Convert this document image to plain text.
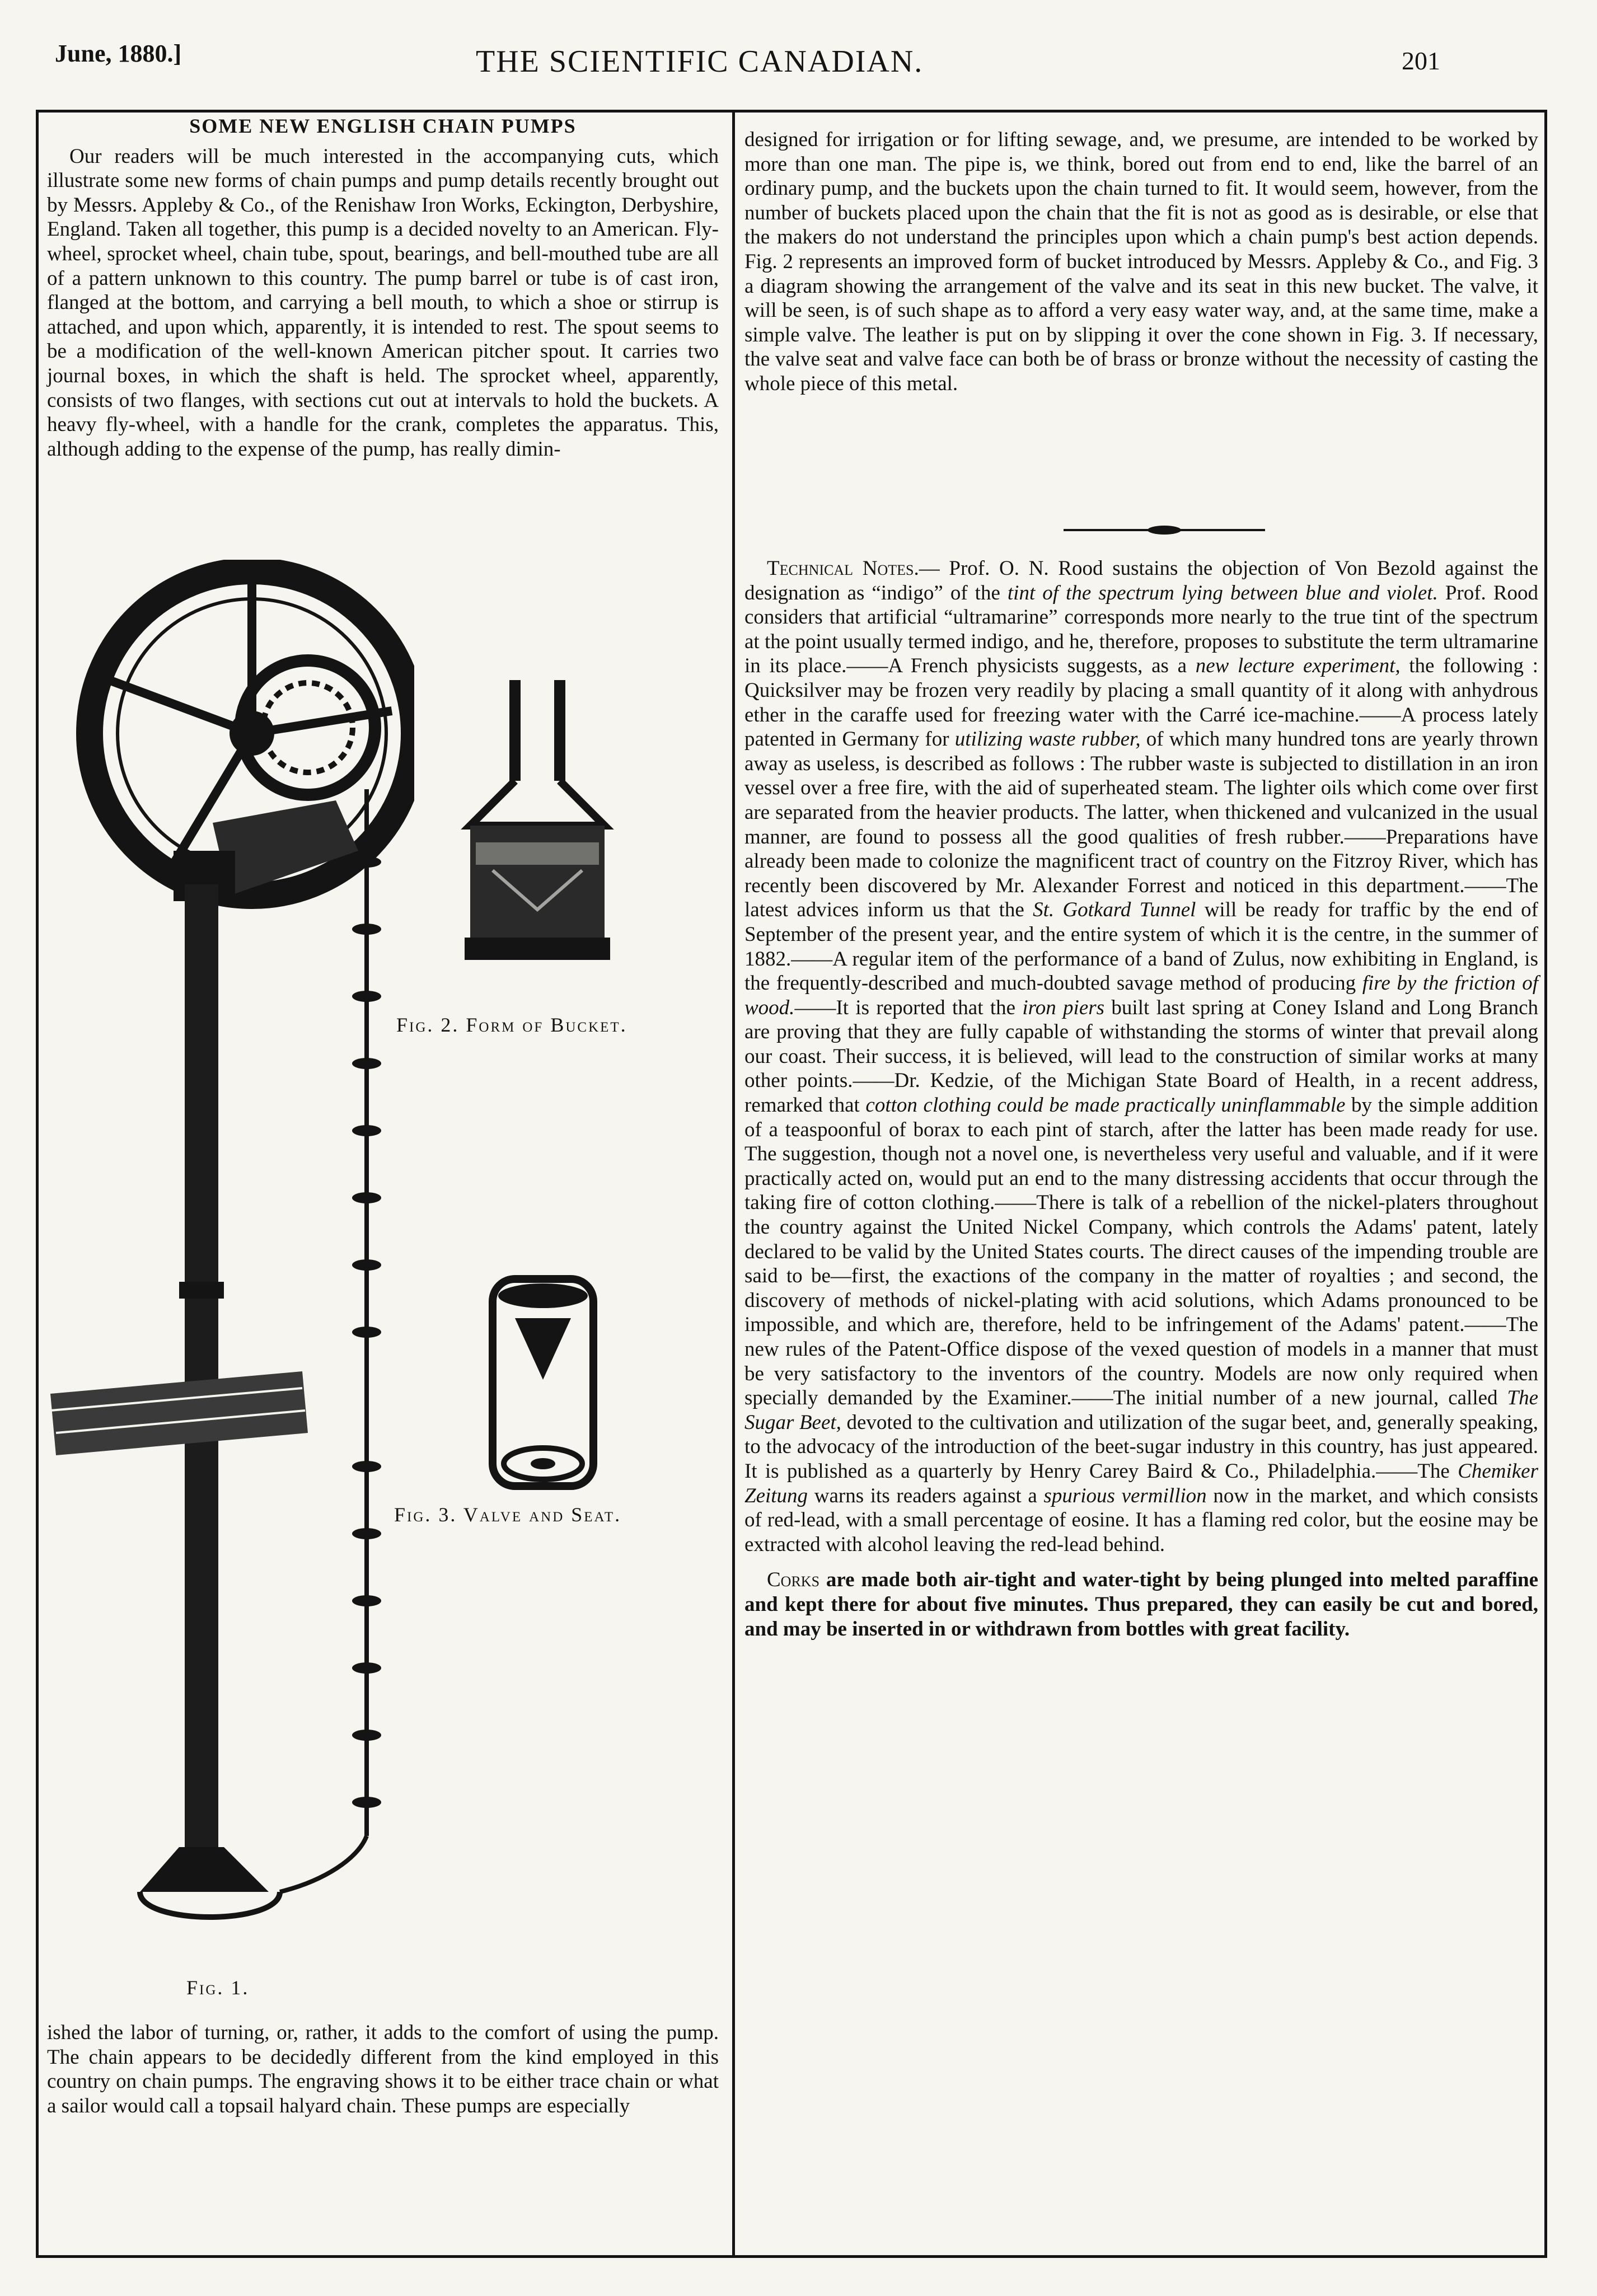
June, 1880.]	THE SCIENTIFIC CANADIAN.	201
SOME NEW ENGLISH CHAIN PUMPS

Our readers will be much interested in the accompanying cuts, which illustrate some new forms of chain pumps and pump details recently brought out by Messrs. Appleby & Co., of the Renishaw Iron Works, Eckington, Derbyshire, England. Taken all together, this pump is a decided novelty to an American. Fly-wheel, sprocket wheel, chain tube, spout, bearings, and bell-mouthed tube are all of a pattern unknown to this country. The pump barrel or tube is of cast iron, flanged at the bottom, and carrying a bell mouth, to which a shoe or stirrup is attached, and upon which, apparently, it is intended to rest. The spout seems to be a modification of the well-known American pitcher spout. It carries two journal boxes, in which the shaft is held. The sprocket wheel, apparently, consists of two flanges, with sections cut out at intervals to hold the buckets. A heavy fly-wheel, with a handle for the crank, completes the apparatus. This, although adding to the expense of the pump, has really dimin-

Fig. 2. Form of Bucket.
Fig. 3. Valve and Seat.
Fig. 1.

ished the labor of turning, or, rather, it adds to the comfort of using the pump. The chain appears to be decidedly different from the kind employed in this country on chain pumps. The engraving shows it to be either trace chain or what a sailor would call a topsail halyard chain. These pumps are especially

designed for irrigation or for lifting sewage, and, we presume, are intended to be worked by more than one man. The pipe is, we think, bored out from end to end, like the barrel of an ordinary pump, and the buckets upon the chain turned to fit. It would seem, however, from the number of buckets placed upon the chain that the fit is not as good as is desirable, or else that the makers do not understand the principles upon which a chain pump's best action depends. Fig. 2 represents an improved form of bucket introduced by Messrs. Appleby & Co., and Fig. 3 a diagram showing the arrangement of the valve and its seat in this new bucket. The valve, it will be seen, is of such shape as to afford a very easy water way, and, at the same time, make a simple valve. The leather is put on by slipping it over the cone shown in Fig. 3. If necessary, the valve seat and valve face can both be of brass or bronze without the necessity of casting the whole piece of this metal.

Technical Notes.— Prof. O. N. Rood sustains the objection of Von Bezold against the designation as “indigo” of the tint of the spectrum lying between blue and violet. Prof. Rood considers that artificial “ultramarine” corresponds more nearly to the true tint of the spectrum at the point usually termed indigo, and he, therefore, proposes to substitute the term ultramarine in its place.——A French physicists suggests, as a new lecture experiment, the following : Quicksilver may be frozen very readily by placing a small quantity of it along with anhydrous ether in the caraffe used for freezing water with the Carré ice-machine.——A process lately patented in Germany for utilizing waste rubber, of which many hundred tons are yearly thrown away as useless, is described as follows : The rubber waste is subjected to distillation in an iron vessel over a free fire, with the aid of superheated steam. The lighter oils which come over first are separated from the heavier products. The latter, when thickened and vulcanized in the usual manner, are found to possess all the good qualities of fresh rubber.——Preparations have already been made to colonize the magnificent tract of country on the Fitzroy River, which has recently been discovered by Mr. Alexander Forrest and noticed in this department.——The latest advices inform us that the St. Gotkard Tunnel will be ready for traffic by the end of September of the present year, and the entire system of which it is the centre, in the summer of 1882.——A regular item of the performance of a band of Zulus, now exhibiting in England, is the frequently-described and much-doubted savage method of producing fire by the friction of wood.——It is reported that the iron piers built last spring at Coney Island and Long Branch are proving that they are fully capable of withstanding the storms of winter that prevail along our coast. Their success, it is believed, will lead to the construction of similar works at many other points.——Dr. Kedzie, of the Michigan State Board of Health, in a recent address, remarked that cotton clothing could be made practically uninflammable by the simple addition of a teaspoonful of borax to each pint of starch, after the latter has been made ready for use. The suggestion, though not a novel one, is nevertheless very useful and valuable, and if it were practically acted on, would put an end to the many distressing accidents that occur through the taking fire of cotton clothing.——There is talk of a rebellion of the nickel-platers throughout the country against the United Nickel Company, which controls the Adams' patent, lately declared to be valid by the United States courts. The direct causes of the impending trouble are said to be—first, the exactions of the company in the matter of royalties ; and second, the discovery of methods of nickel-plating with acid solutions, which Adams pronounced to be impossible, and which are, therefore, held to be infringement of the Adams' patent.——The new rules of the Patent-Office dispose of the vexed question of models in a manner that must be very satisfactory to the inventors of the country. Models are now only required when specially demanded by the Examiner.——The initial number of a new journal, called The Sugar Beet, devoted to the cultivation and utilization of the sugar beet, and, generally speaking, to the advocacy of the introduction of the beet-sugar industry in this country, has just appeared. It is published as a quarterly by Henry Carey Baird & Co., Philadelphia.——The Chemiker Zeitung warns its readers against a spurious vermillion now in the market, and which consists of red-lead, with a small percentage of eosine. It has a flaming red color, but the eosine may be extracted with alcohol leaving the red-lead behind.

Corks are made both air-tight and water-tight by being plunged into melted paraffine and kept there for about five minutes. Thus prepared, they can easily be cut and bored, and may be inserted in or withdrawn from bottles with great facility.
